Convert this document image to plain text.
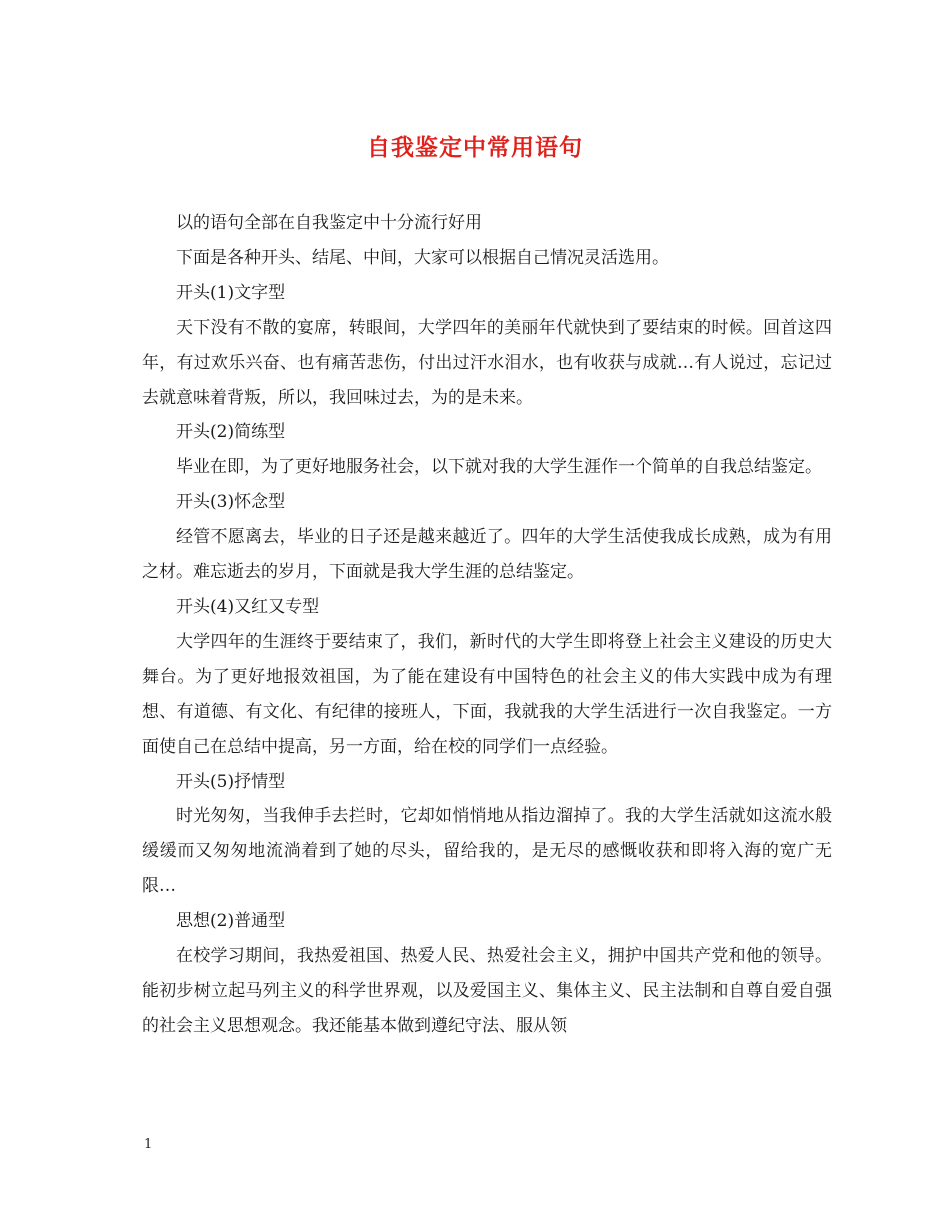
自我鉴定中常用语句

以的语句全部在自我鉴定中十分流行好用

下面是各种开头、结尾、中间，大家可以根据自己情况灵活选用。

开头(1)文字型

天下没有不散的宴席，转眼间，大学四年的美丽年代就快到了要结束的时候。回首这四年，有过欢乐兴奋、也有痛苦悲伤，付出过汗水泪水，也有收获与成就…有人说过，忘记过去就意味着背叛，所以，我回味过去，为的是未来。

开头(2)简练型

毕业在即，为了更好地服务社会，以下就对我的大学生涯作一个简单的自我总结鉴定。

开头(3)怀念型

经管不愿离去，毕业的日子还是越来越近了。四年的大学生活使我成长成熟，成为有用之材。难忘逝去的岁月，下面就是我大学生涯的总结鉴定。

开头(4)又红又专型

大学四年的生涯终于要结束了，我们，新时代的大学生即将登上社会主义建设的历史大舞台。为了更好地报效祖国，为了能在建设有中国特色的社会主义的伟大实践中成为有理想、有道德、有文化、有纪律的接班人，下面，我就我的大学生活进行一次自我鉴定。一方面使自己在总结中提高，另一方面，给在校的同学们一点经验。

开头(5)抒情型

时光匆匆，当我伸手去拦时，它却如悄悄地从指边溜掉了。我的大学生活就如这流水般缓缓而又匆匆地流淌着到了她的尽头，留给我的，是无尽的感慨收获和即将入海的宽广无限…

思想(2)普通型

在校学习期间，我热爱祖国、热爱人民、热爱社会主义，拥护中国共产党和他的领导。能初步树立起马列主义的科学世界观，以及爱国主义、集体主义、民主法制和自尊自爱自强的社会主义思想观念。我还能基本做到遵纪守法、服从领

1
